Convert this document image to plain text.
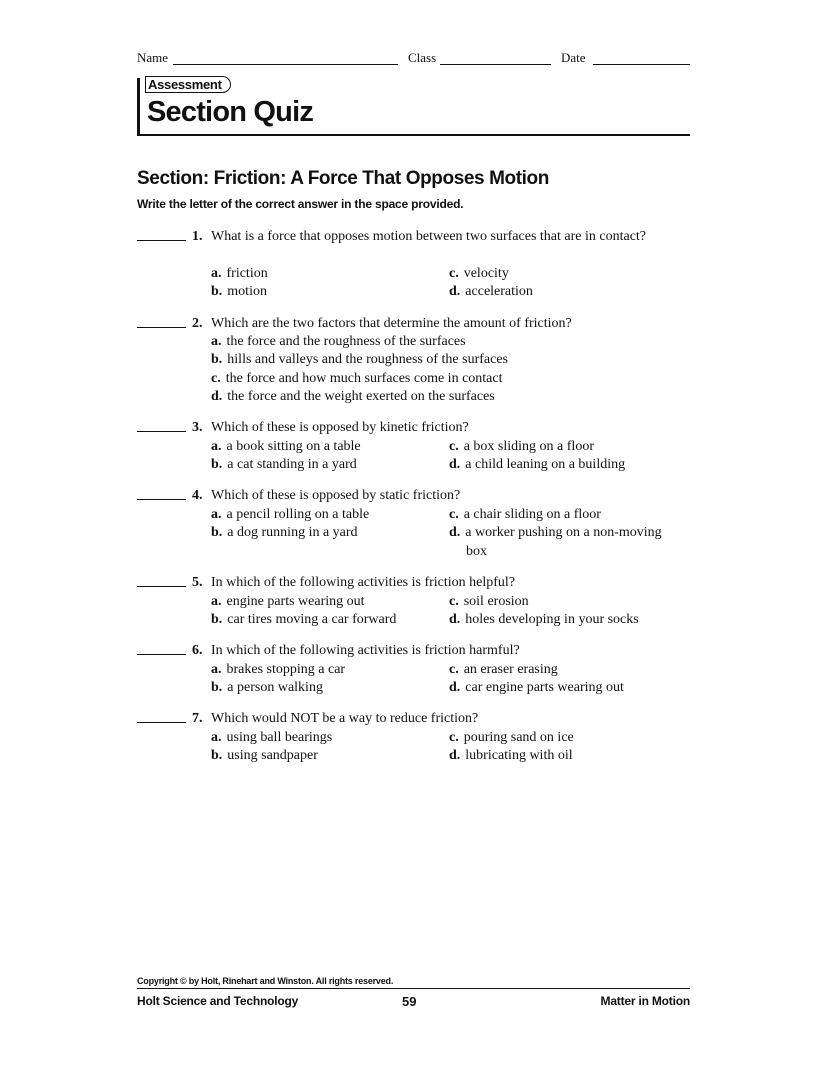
Name	Class	Date
Assessment
Section Quiz
Section: Friction: A Force That Opposes Motion
Write the letter of the correct answer in the space provided.
1. What is a force that opposes motion between two surfaces that are in contact?
a. friction
b. motion
c. velocity
d. acceleration
2. Which are the two factors that determine the amount of friction?
a. the force and the roughness of the surfaces
b. hills and valleys and the roughness of the surfaces
c. the force and how much surfaces come in contact
d. the force and the weight exerted on the surfaces
3. Which of these is opposed by kinetic friction?
a. a book sitting on a table
b. a cat standing in a yard
c. a box sliding on a floor
d. a child leaning on a building
4. Which of these is opposed by static friction?
a. a pencil rolling on a table
b. a dog running in a yard
c. a chair sliding on a floor
d. a worker pushing on a non-moving box
5. In which of the following activities is friction helpful?
a. engine parts wearing out
b. car tires moving a car forward
c. soil erosion
d. holes developing in your socks
6. In which of the following activities is friction harmful?
a. brakes stopping a car
b. a person walking
c. an eraser erasing
d. car engine parts wearing out
7. Which would NOT be a way to reduce friction?
a. using ball bearings
b. using sandpaper
c. pouring sand on ice
d. lubricating with oil
Copyright © by Holt, Rinehart and Winston. All rights reserved.
Holt Science and Technology	59	Matter in Motion
